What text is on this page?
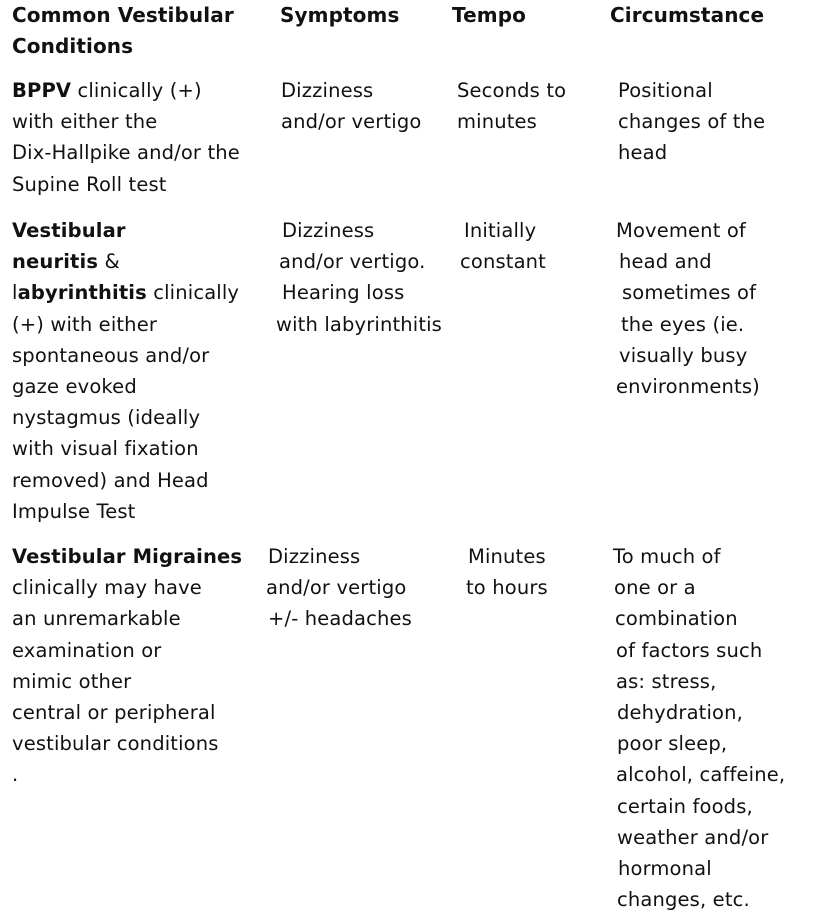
Common Vestibular
Conditions
Symptoms	Tempo	Circumstance
BPPV clinically (+)
with either the
Dix-Hallpike and/or the
Supine Roll test
Dizziness
and/or vertigo
Seconds to
minutes
Positional
changes of the
head
Vestibular
neuritis &
labyrinthitis clinically
(+) with either
spontaneous and/or
gaze evoked
nystagmus (ideally
with visual fixation
removed) and Head
Impulse Test
Dizziness
and/or vertigo.
Hearing loss
with labyrinthitis
Initially
constant
Movement of
head and
sometimes of
the eyes (ie.
visually busy
environments)
Vestibular Migraines
clinically may have
an unremarkable
examination or
mimic other
central or peripheral
vestibular conditions
.
Dizziness
and/or vertigo
+/- headaches
Minutes
to hours
To much of
one or a
combination
of factors such
as: stress,
dehydration,
poor sleep,
alcohol, caffeine,
certain foods,
weather and/or
hormonal
changes, etc.
